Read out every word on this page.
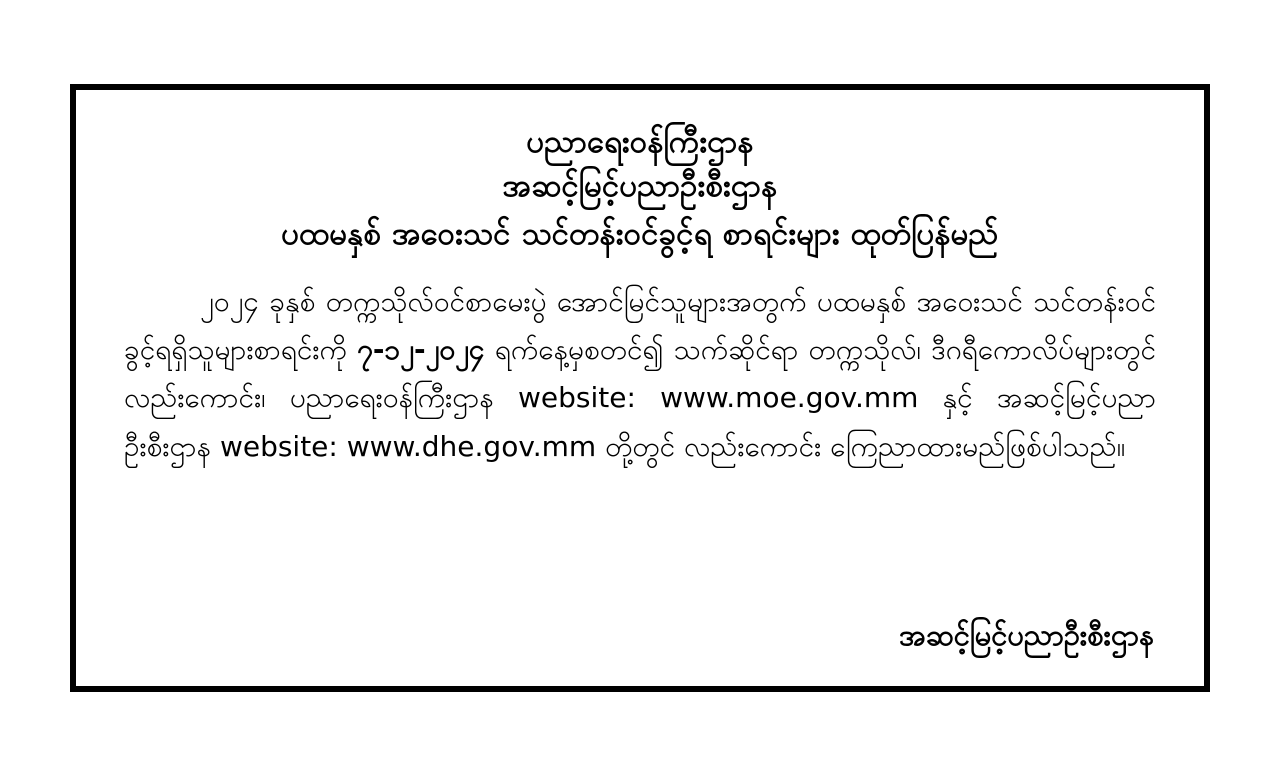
ပညာရေးဝန်ကြီးဌာန
အဆင့်မြင့်ပညာဦးစီးဌာန
ပထမနှစ် အဝေးသင် သင်တန်းဝင်ခွင့်ရ စာရင်းများ ထုတ်ပြန်မည်
၂၀၂၄ ခုနှစ် တက္ကသိုလ်ဝင်စာမေးပွဲ အောင်မြင်သူများအတွက် ပထမနှစ် အဝေးသင် သင်တန်းဝင်ခွင့်ရရှိသူများစာရင်းကို ၇-၁၂-၂၀၂၄ ရက်နေ့မှစတင်၍ သက်ဆိုင်ရာ တက္ကသိုလ်၊ ဒီဂရီကောလိပ်များတွင်လည်းကောင်း၊ ပညာရေးဝန်ကြီးဌာန website: www.moe.gov.mm နှင့် အဆင့်မြင့်ပညာဦးစီးဌာန website: www.dhe.gov.mm တို့တွင် လည်းကောင်း ကြေညာထားမည်ဖြစ်ပါသည်။
အဆင့်မြင့်ပညာဦးစီးဌာန
